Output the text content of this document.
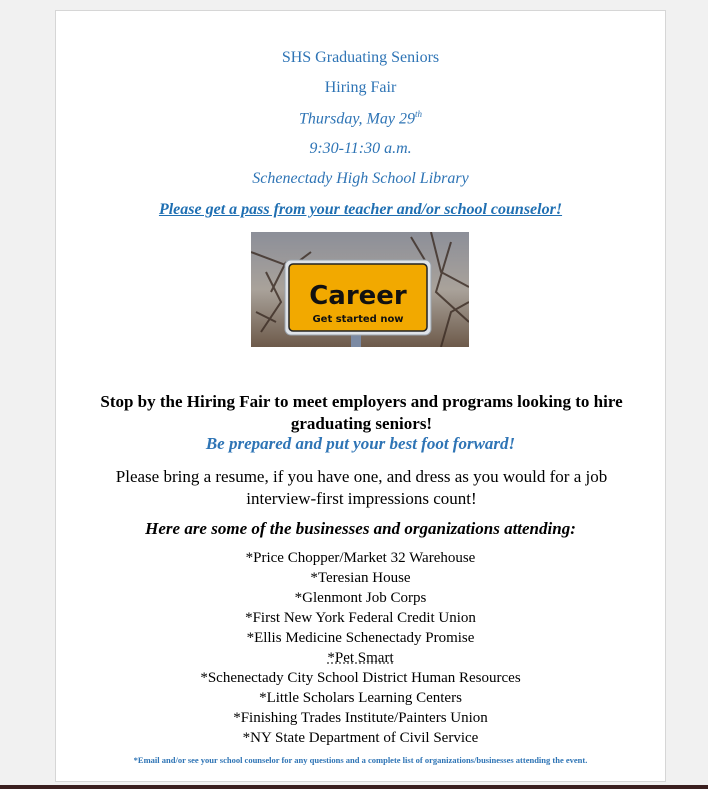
SHS Graduating Seniors
Hiring Fair
Thursday, May 29th
9:30-11:30 a.m.
Schenectady High School Library
Please get a pass from your teacher and/or school counselor!
Career
Get started now
Stop by the Hiring Fair to meet employers and programs looking to hire graduating seniors!
Be prepared and put your best foot forward!
Please bring a resume, if you have one, and dress as you would for a job interview-first impressions count!
Here are some of the businesses and organizations attending:
*Price Chopper/Market 32 Warehouse
*Teresian House
*Glenmont Job Corps
*First New York Federal Credit Union
*Ellis Medicine Schenectady Promise
*Pet Smart
*Schenectady City School District Human Resources
*Little Scholars Learning Centers
*Finishing Trades Institute/Painters Union
*NY State Department of Civil Service
*Email and/or see your school counselor for any questions and a complete list of organizations/businesses attending the event.
